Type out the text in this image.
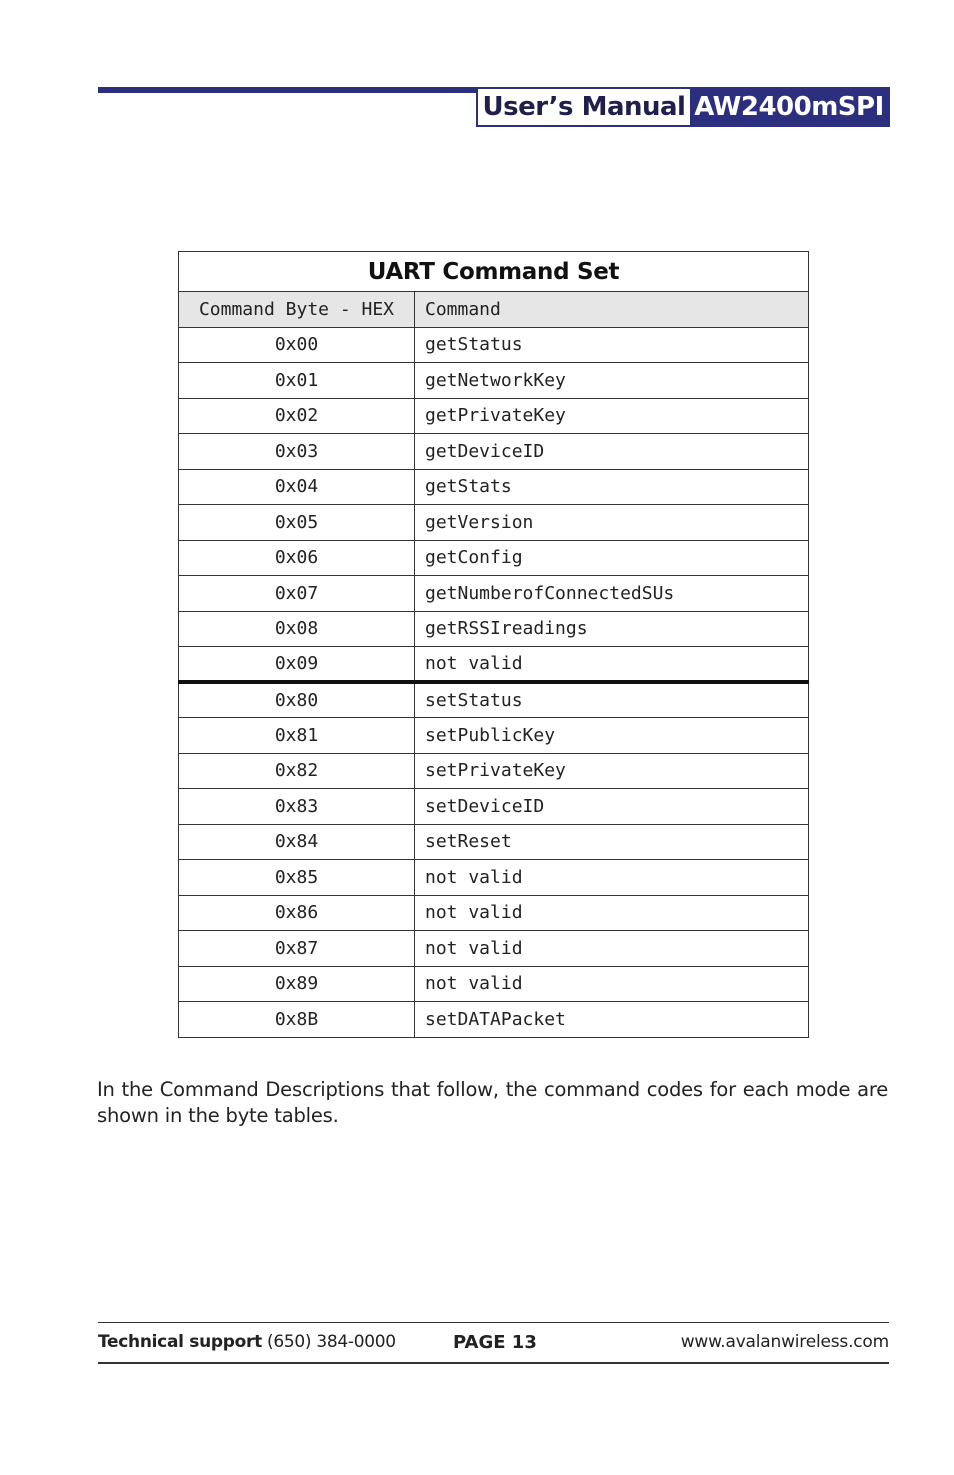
User’s Manual AW2400mSPI
UART Command Set	
Command Byte - HEX	Command
0x00	getStatus
0x01	getNetworkKey
0x02	getPrivateKey
0x03	getDeviceID
0x04	getStats
0x05	getVersion
0x06	getConfig
0x07	getNumberofConnectedSUs
0x08	getRSSIreadings
0x09	not valid
0x80	setStatus
0x81	setPublicKey
0x82	setPrivateKey
0x83	setDeviceID
0x84	setReset
0x85	not valid
0x86	not valid
0x87	not valid
0x89	not valid
0x8B	setDATAPacket
In the Command Descriptions that follow, the command codes for each mode are shown in the byte tables.
Technical support (650) 384-0000	PAGE 13	www.avalanwireless.com
